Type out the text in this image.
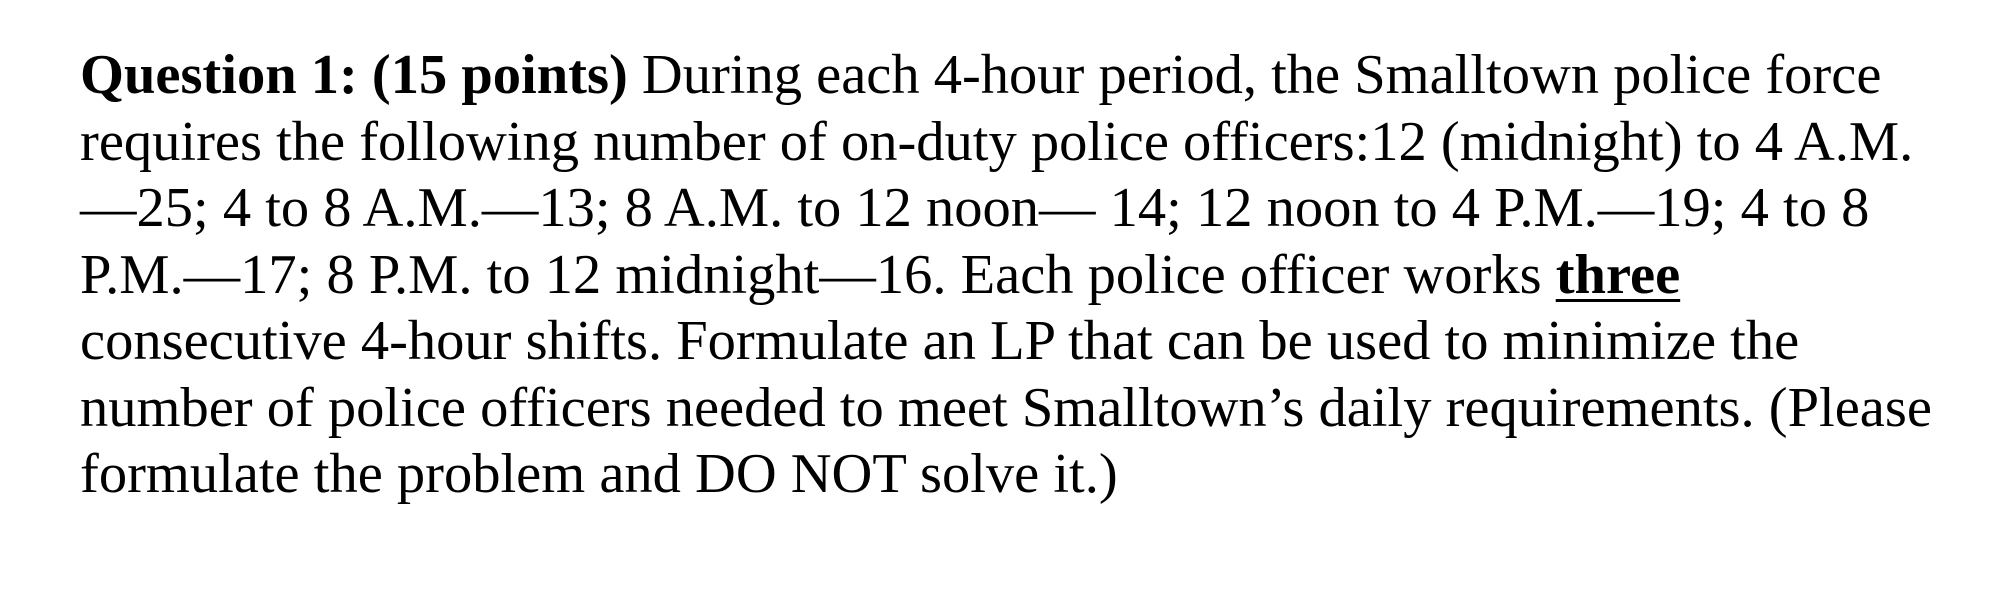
Question 1: (15 points) During each 4-hour period, the Smalltown police force
requires the following number of on-duty police officers:12 (midnight) to 4 A.M.
—25; 4 to 8 A.M.—13; 8 A.M. to 12 noon— 14; 12 noon to 4 P.M.—19; 4 to 8
P.M.—17; 8 P.M. to 12 midnight—16. Each police officer works three
consecutive 4-hour shifts. Formulate an LP that can be used to minimize the
number of police officers needed to meet Smalltown’s daily requirements. (Please
formulate the problem and DO NOT solve it.)
